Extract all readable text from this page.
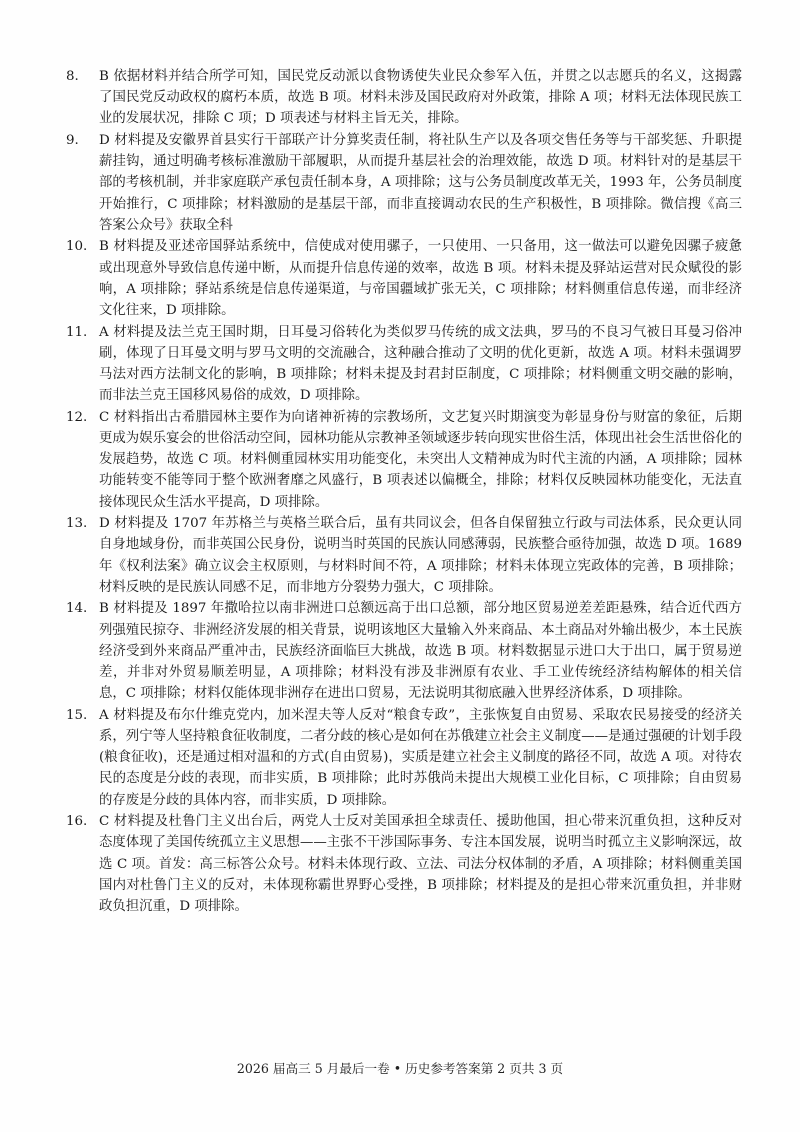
8.	B 依据材料并结合所学可知，国民党反动派以食物诱使失业民众参军入伍，并贯之以志愿兵的名义，这揭露了国民党反动政权的腐朽本质，故选 B 项。材料未涉及国民政府对外政策，排除 A 项；材料无法体现民族工业的发展状况，排除 C 项；D 项表述与材料主旨无关，排除。
9.	D 材料提及安徽界首县实行干部联产计分算奖责任制，将社队生产以及各项交售任务等与干部奖惩、升职提薪挂钩，通过明确考核标准激励干部履职，从而提升基层社会的治理效能，故选 D 项。材料针对的是基层干部的考核机制，并非家庭联产承包责任制本身，A 项排除；这与公务员制度改革无关，1993 年，公务员制度开始推行，C 项排除；材料激励的是基层干部，而非直接调动农民的生产积极性，B 项排除。微信搜《高三答案公众号》获取全科
10. B 材料提及亚述帝国驿站系统中，信使成对使用骡子，一只使用、一只备用，这一做法可以避免因骡子疲惫或出现意外导致信息传递中断，从而提升信息传递的效率，故选 B 项。材料未提及驿站运营对民众赋役的影响，A 项排除；驿站系统是信息传递渠道，与帝国疆域扩张无关，C 项排除；材料侧重信息传递，而非经济文化往来，D 项排除。
11. A 材料提及法兰克王国时期，日耳曼习俗转化为类似罗马传统的成文法典，罗马的不良习气被日耳曼习俗冲刷，体现了日耳曼文明与罗马文明的交流融合，这种融合推动了文明的优化更新，故选 A 项。材料未强调罗马法对西方法制文化的影响，B 项排除；材料未提及封君封臣制度，C 项排除；材料侧重文明交融的影响，而非法兰克王国移风易俗的成效，D 项排除。
12. C 材料指出古希腊园林主要作为向诸神祈祷的宗教场所，文艺复兴时期演变为彰显身份与财富的象征，后期更成为娱乐宴会的世俗活动空间，园林功能从宗教神圣领域逐步转向现实世俗生活，体现出社会生活世俗化的发展趋势，故选 C 项。材料侧重园林实用功能变化，未突出人文精神成为时代主流的内涵，A 项排除；园林功能转变不能等同于整个欧洲奢靡之风盛行，B 项表述以偏概全，排除；材料仅反映园林功能变化，无法直接体现民众生活水平提高，D 项排除。
13. D 材料提及 1707 年苏格兰与英格兰联合后，虽有共同议会，但各自保留独立行政与司法体系，民众更认同自身地域身份，而非英国公民身份，说明当时英国的民族认同感薄弱，民族整合亟待加强，故选 D 项。1689 年《权利法案》确立议会主权原则，与材料时间不符，A 项排除；材料未体现立宪政体的完善，B 项排除；材料反映的是民族认同感不足，而非地方分裂势力强大，C 项排除。
14. B 材料提及 1897 年撒哈拉以南非洲进口总额远高于出口总额，部分地区贸易逆差差距悬殊，结合近代西方列强殖民掠夺、非洲经济发展的相关背景，说明该地区大量输入外来商品、本土商品对外输出极少，本土民族经济受到外来商品严重冲击，民族经济面临巨大挑战，故选 B 项。材料数据显示进口大于出口，属于贸易逆差，并非对外贸易顺差明显，A 项排除；材料没有涉及非洲原有农业、手工业传统经济结构解体的相关信息，C 项排除；材料仅能体现非洲存在进出口贸易，无法说明其彻底融入世界经济体系，D 项排除。
15. A 材料提及布尔什维克党内，加米涅夫等人反对“粮食专政”，主张恢复自由贸易、采取农民易接受的经济关系，列宁等人坚持粮食征收制度，二者分歧的核心是如何在苏俄建立社会主义制度——是通过强硬的计划手段(粮食征收)，还是通过相对温和的方式(自由贸易)，实质是建立社会主义制度的路径不同，故选 A 项。对待农民的态度是分歧的表现，而非实质，B 项排除；此时苏俄尚未提出大规模工业化目标，C 项排除；自由贸易的存废是分歧的具体内容，而非实质，D 项排除。
16. C 材料提及杜鲁门主义出台后，两党人士反对美国承担全球责任、援助他国，担心带来沉重负担，这种反对态度体现了美国传统孤立主义思想——主张不干涉国际事务、专注本国发展，说明当时孤立主义影响深远，故选 C 项。首发：高三标答公众号。材料未体现行政、立法、司法分权体制的矛盾，A 项排除；材料侧重美国国内对杜鲁门主义的反对，未体现称霸世界野心受挫，B 项排除；材料提及的是担心带来沉重负担，并非财政负担沉重，D 项排除。
2026 届高三 5 月最后一卷 • 历史参考答案第 2 页共 3 页
